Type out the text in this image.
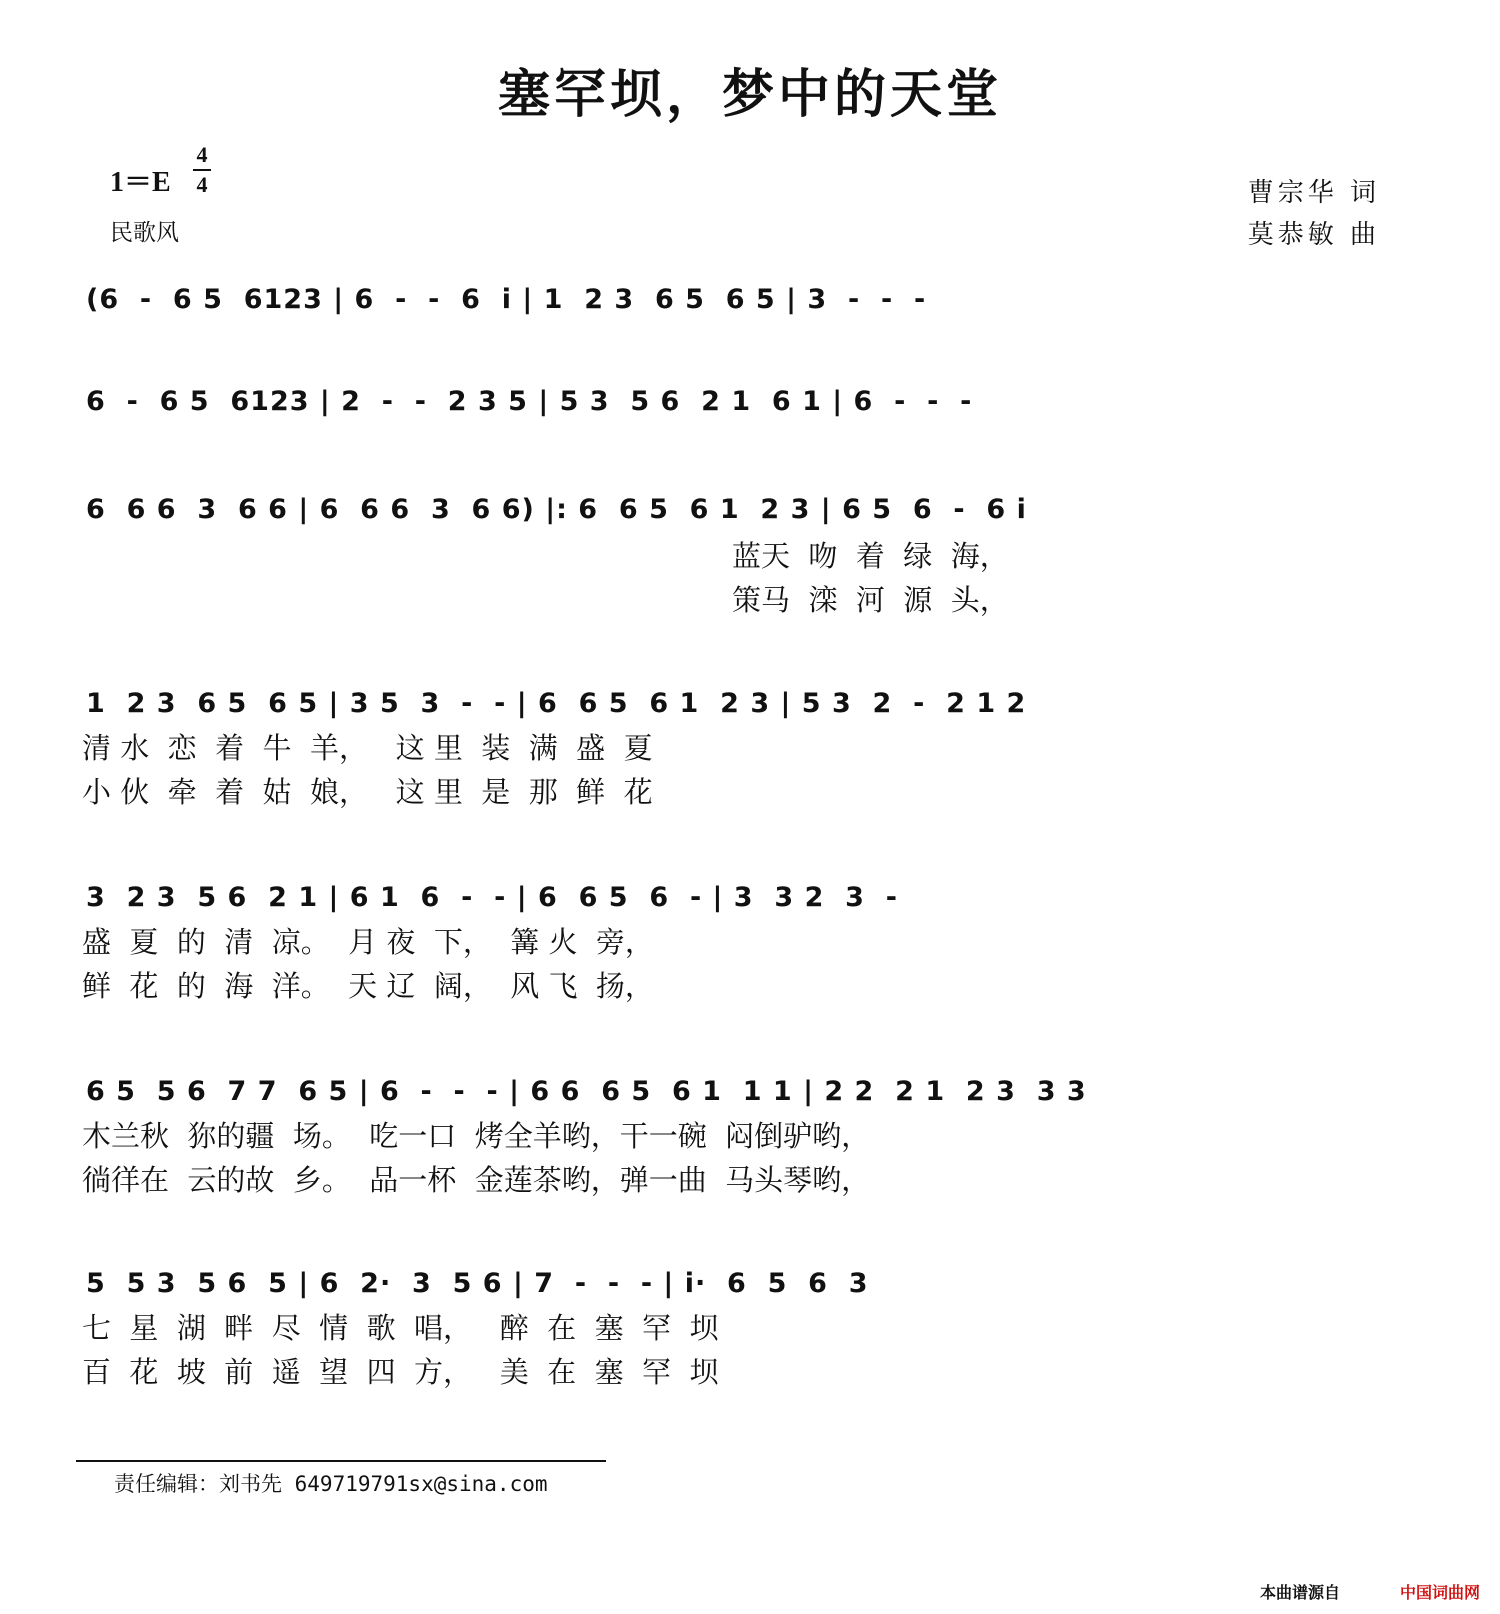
塞罕坝，梦中的天堂
1＝E
4
4
民歌风
曹宗华 词
莫恭敏 曲
(6  -  6 5  6123 | 6  -  -  6  i | 1  2 3  6 5  6 5 | 3  -  -  -
6  -  6 5  6123 | 2  -  -  2 3 5 | 5 3  5 6  2 1  6 1 | 6  -  -  -
6  6 6  3  6 6 | 6  6 6  3  6 6) |: 6  6 5  6 1  2 3 | 6 5  6  -  6 i
蓝天  吻  着  绿  海，
策马  滦  河  源  头，
1  2 3  6 5  6 5 | 3 5  3  -  - | 6  6 5  6 1  2 3 | 5 3  2  -  2 1 2
清 水  恋  着  牛  羊，   这 里  装  满  盛  夏
小 伙  牵  着  姑  娘，   这 里  是  那  鲜  花
3  2 3  5 6  2 1 | 6 1  6  -  - | 6  6 5  6  - | 3  3 2  3  -
盛  夏  的  清  凉。  月 夜  下，  篝 火  旁，
鲜  花  的  海  洋。  天 辽  阔，  风 飞  扬，
6 5  5 6  7 7  6 5 | 6  -  -  - | 6 6  6 5  6 1  1 1 | 2 2  2 1  2 3  3 3
木兰秋  狝的疆  场。  吃一口  烤全羊哟，干一碗  闷倒驴哟，
徜徉在  云的故  乡。  品一杯  金莲茶哟，弹一曲  马头琴哟，
5  5 3  5 6  5 | 6  2·  3  5 6 | 7  -  -  - | i·  6  5  6  3
七  星  湖  畔  尽  情  歌  唱，   醉  在  塞  罕  坝
百  花  坡  前  遥  望  四  方，   美  在  塞  罕  坝
责任编辑：刘书先 649719791sx@sina.com
本曲谱源自	中国词曲网
